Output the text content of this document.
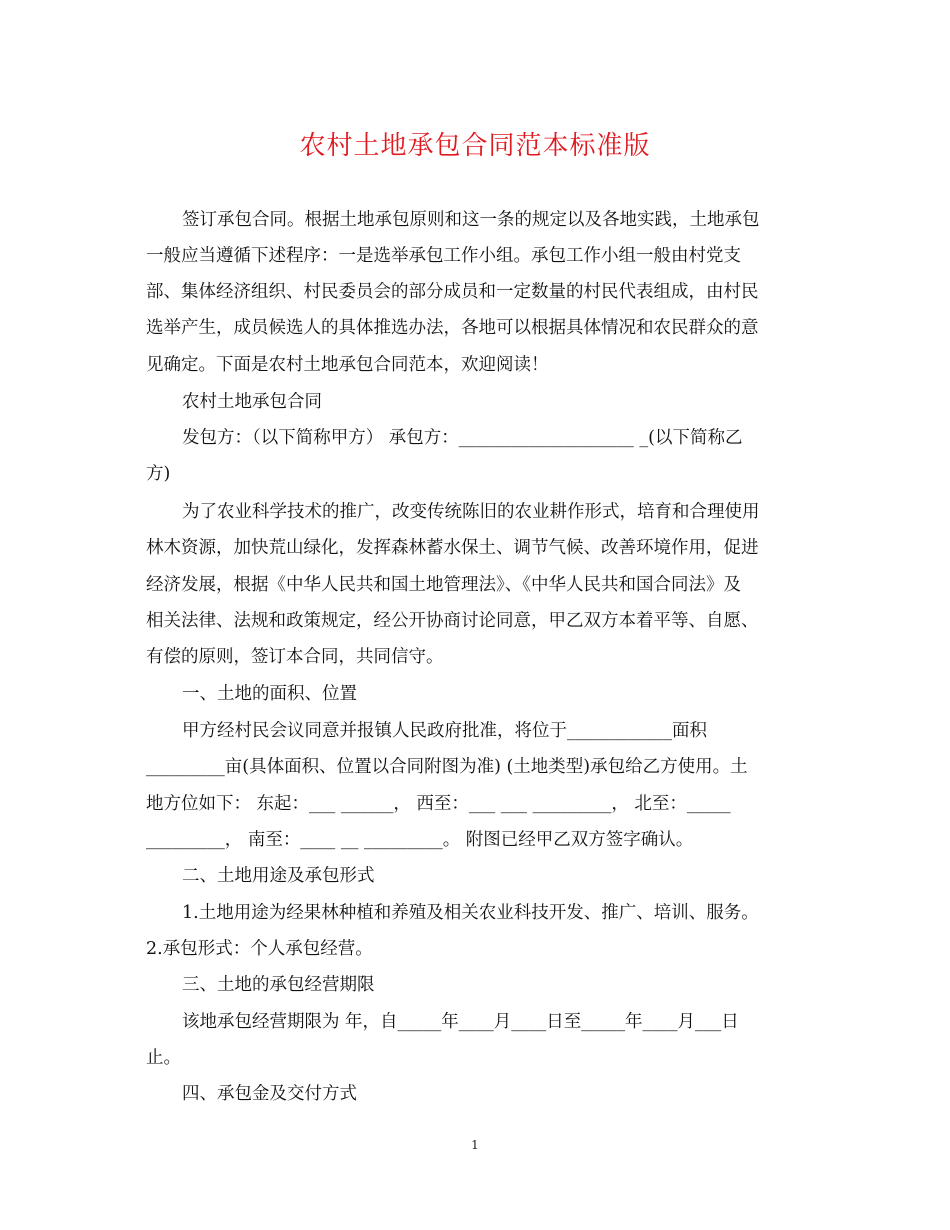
农村土地承包合同范本标准版

签订承包合同。根据土地承包原则和这一条的规定以及各地实践，土地承包

一般应当遵循下述程序：一是选举承包工作小组。承包工作小组一般由村党支

部、集体经济组织、村民委员会的部分成员和一定数量的村民代表组成，由村民

选举产生，成员候选人的具体推选办法，各地可以根据具体情况和农民群众的意

见确定。下面是农村土地承包合同范本，欢迎阅读！

农村土地承包合同

发包方：（以下简称甲方） 承包方：____________________ _(以下简称乙

方)

为了农业科学技术的推广，改变传统陈旧的农业耕作形式，培育和合理使用

林木资源，加快荒山绿化，发挥森林蓄水保土、调节气候、改善环境作用，促进

经济发展，根据《中华人民共和国土地管理法》、《中华人民共和国合同法》及

相关法律、法规和政策规定，经公开协商讨论同意，甲乙双方本着平等、自愿、

有偿的原则，签订本合同，共同信守。

一、土地的面积、位置

甲方经村民会议同意并报镇人民政府批准，将位于____________面积

_________亩(具体面积、位置以合同附图为准) (土地类型)承包给乙方使用。土

地方位如下： 东起：___ ______， 西至：___ ___ _________， 北至：_____

_________， 南至：____ __ _________。 附图已经甲乙双方签字确认。

二、土地用途及承包形式

1.土地用途为经果林种植和养殖及相关农业科技开发、推广、培训、服务。

2.承包形式：个人承包经营。

三、土地的承包经营期限

该地承包经营期限为 年，自_____年____月____日至_____年____月___日

止。

四、承包金及交付方式

1
